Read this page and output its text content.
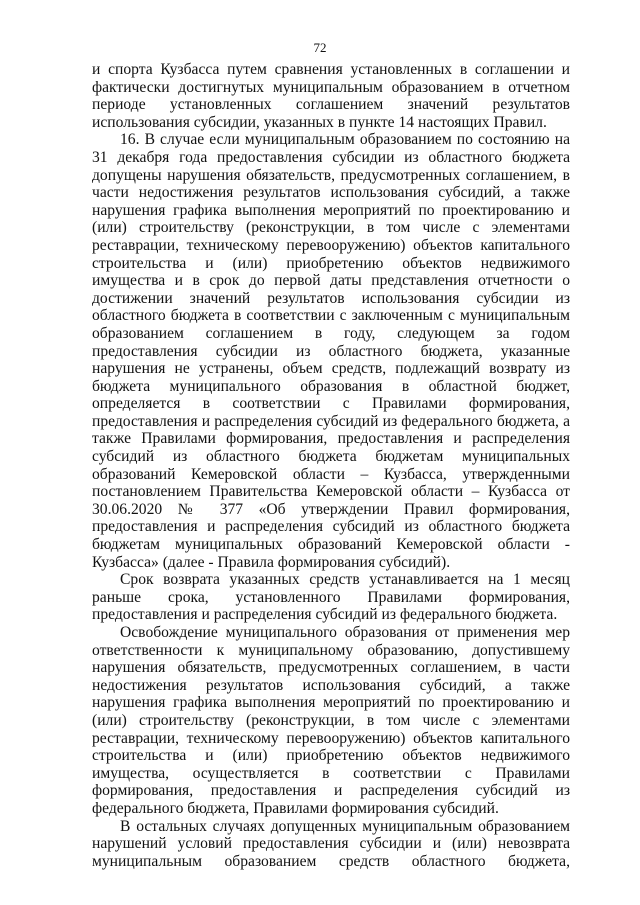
72

и спорта Кузбасса путем сравнения установленных в соглашении и фактически достигнутых муниципальным образованием в отчетном периоде установленных соглашением значений результатов использования субсидии, указанных в пункте 14 настоящих Правил.

16. В случае если муниципальным образованием по состоянию на 31 декабря года предоставления субсидии из областного бюджета допущены нарушения обязательств, предусмотренных соглашением, в части недостижения результатов использования субсидий, а также нарушения графика выполнения мероприятий по проектированию и (или) строительству (реконструкции, в том числе с элементами реставрации, техническому перевооружению) объектов капитального строительства и (или) приобретению объектов недвижимого имущества и в срок до первой даты представления отчетности о достижении значений результатов использования субсидии из областного бюджета в соответствии с заключенным с муниципальным образованием соглашением в году, следующем за годом предоставления субсидии из областного бюджета, указанные нарушения не устранены, объем средств, подлежащий возврату из бюджета муниципального образования в областной бюджет, определяется в соответствии с Правилами формирования, предоставления и распределения субсидий из федерального бюджета, а также Правилами формирования, предоставления и распределения субсидий из областного бюджета бюджетам муниципальных образований Кемеровской области – Кузбасса, утвержденными постановлением Правительства Кемеровской области – Кузбасса от 30.06.2020 № 377 «Об утверждении Правил формирования, предоставления и распределения субсидий из областного бюджета бюджетам муниципальных образований Кемеровской области - Кузбасса» (далее - Правила формирования субсидий).

Срок возврата указанных средств устанавливается на 1 месяц раньше срока, установленного Правилами формирования, предоставления и распределения субсидий из федерального бюджета.

Освобождение муниципального образования от применения мер ответственности к муниципальному образованию, допустившему нарушения обязательств, предусмотренных соглашением, в части недостижения результатов использования субсидий, а также нарушения графика выполнения мероприятий по проектированию и (или) строительству (реконструкции, в том числе с элементами реставрации, техническому перевооружению) объектов капитального строительства и (или) приобретению объектов недвижимого имущества, осуществляется в соответствии с Правилами формирования, предоставления и распределения субсидий из федерального бюджета, Правилами формирования субсидий.

В остальных случаях допущенных муниципальным образованием нарушений условий предоставления субсидии и (или) невозврата муниципальным образованием средств областного бюджета,
